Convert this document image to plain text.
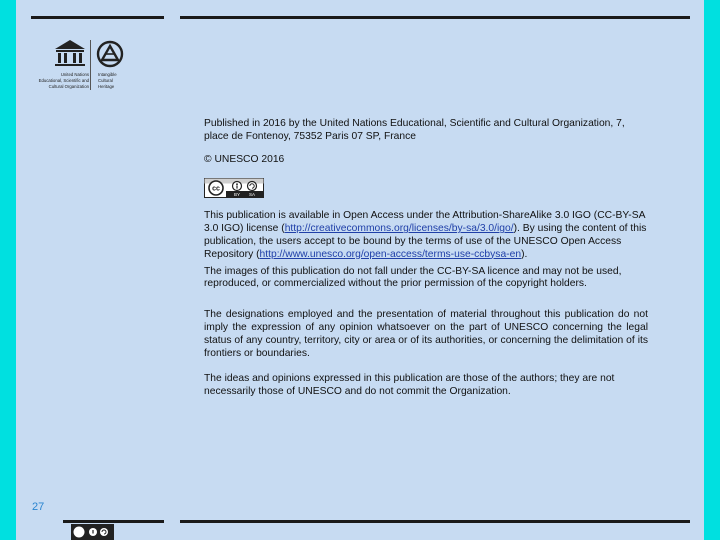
United Nations
Educational, Scientific and
Cultural Organization
Intangible
Cultural
Heritage

Published in 2016 by the United Nations Educational, Scientific and Cultural Organization, 7, place de Fontenoy, 75352 Paris 07 SP, France

© UNESCO 2016

cc
BY SA

This publication is available in Open Access under the Attribution-ShareAlike 3.0 IGO (CC-BY-SA 3.0 IGO) license (http://creativecommons.org/licenses/by-sa/3.0/igo/). By using the content of this publication, the users accept to be bound by the terms of use of the UNESCO Open Access Repository (http://www.unesco.org/open-access/terms-use-ccbysa-en).

The images of this publication do not fall under the CC-BY-SA licence and may not be used, reproduced, or commercialized without the prior permission of the copyright holders.

The designations employed and the presentation of material throughout this publication do not imply the expression of any opinion whatsoever on the part of UNESCO concerning the legal status of any country, territory, city or area or of its authorities, or concerning the delimitation of its frontiers or boundaries.

The ideas and opinions expressed in this publication are those of the authors; they are not necessarily those of UNESCO and do not commit the Organization.

27
